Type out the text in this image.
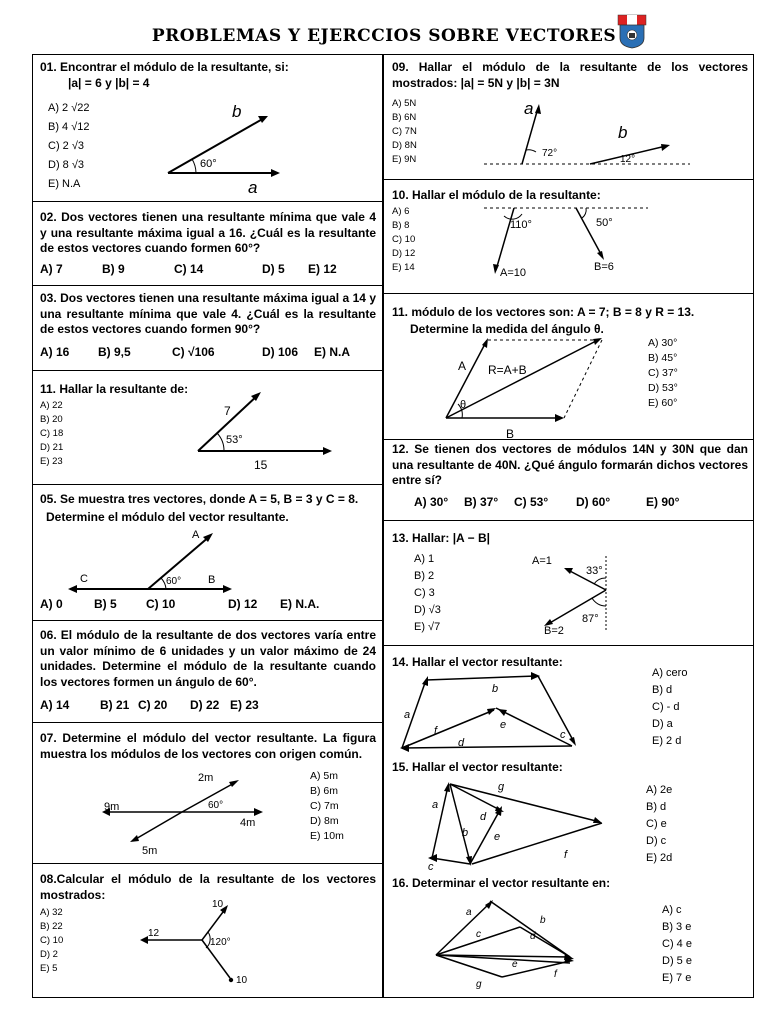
PROBLEMAS Y EJERCCIOS SOBRE VECTORES
01. Encontrar el módulo de la resultante, si:
|a| = 6 y |b| = 4
A) 2 √22
B) 4 √12
C) 2 √3
D) 8 √3
E) N.A
60°
b
a
02. Dos vectores tienen una resultante mínima que vale 4 y una resultante máxima igual a 16. ¿Cuál es la resultante de estos vectores cuando formen 60°?
A) 7	B) 9	C) 14	D) 5 E) 12
03. Dos vectores tienen una resultante máxima igual a 14 y una resultante mínima que vale 4. ¿Cuál es la resultante de estos vectores cuando formen 90°?
A) 16 B) 9,5	C) √106	D) 106 E) N.A
11. Hallar la resultante de:
A) 22
B) 20
C) 18
D) 21
E) 23
7
53°
15
05. Se muestra tres vectores, donde A = 5, B = 3 y C = 8.
Determine el módulo del vector resultante.
A
C	B
60°
A) 0	B) 5 C) 10	D) 12 E) N.A.
06. El módulo de la resultante de dos vectores varía entre un valor mínimo de 6 unidades y un valor máximo de 24 unidades. Determine el módulo de la resultante cuando los vectores formen un ángulo de 60°.
A) 14	B) 21 C) 20 D) 22 E) 23
07. Determine el módulo del vector resultante. La figura muestra los módulos de los vectores con origen común.
2m
9m	60°
4m
5m
A) 5m
B) 6m
C) 7m
D) 8m
E) 10m
08.Calcular el módulo de la resultante de los vectores mostrados:
A) 32
B) 22
C) 10
D) 2
E) 5
10
12
120°
10
09. Hallar el módulo de la resultante de los vectores mostrados: |a| = 5N y |b| = 3N
A) 5N
B) 6N
C) 7N
D) 8N
E) 9N
a
b
72°
12°
10. Hallar el módulo de la resultante:
A) 6
B) 8
C) 10
D) 12
E) 14
110°	50°
A=10	B=6
11. módulo de los vectores son: A = 7; B = 8 y R = 13.
Determine la medida del ángulo θ.
A R=A+B
θ
B
A) 30°
B) 45°
C) 37°
D) 53°
E) 60°
12. Se tienen dos vectores de módulos 14N y 30N que dan una resultante de 40N. ¿Qué ángulo formarán dichos vectores entre sí?
A) 30° B) 37° C) 53° D) 60°	E) 90°
13. Hallar: |A − B|
A) 1
B) 2
C) 3
D) √3
E) √7
A=1
33°
87°
B=2
14. Hallar el vector resultante:
a
b
c
d
e
f
A) cero
B) d
C) - d
D) a
E) 2 d
15. Hallar el vector resultante:
g
a
d
b e
c
f
A) 2e
B) d
C) e
D) c
E) 2d
16. Determinar el vector resultante en:
a
b
c	d
e
f
g
A) c
B) 3 e
C) 4 e
D) 5 e
E) 7 e
